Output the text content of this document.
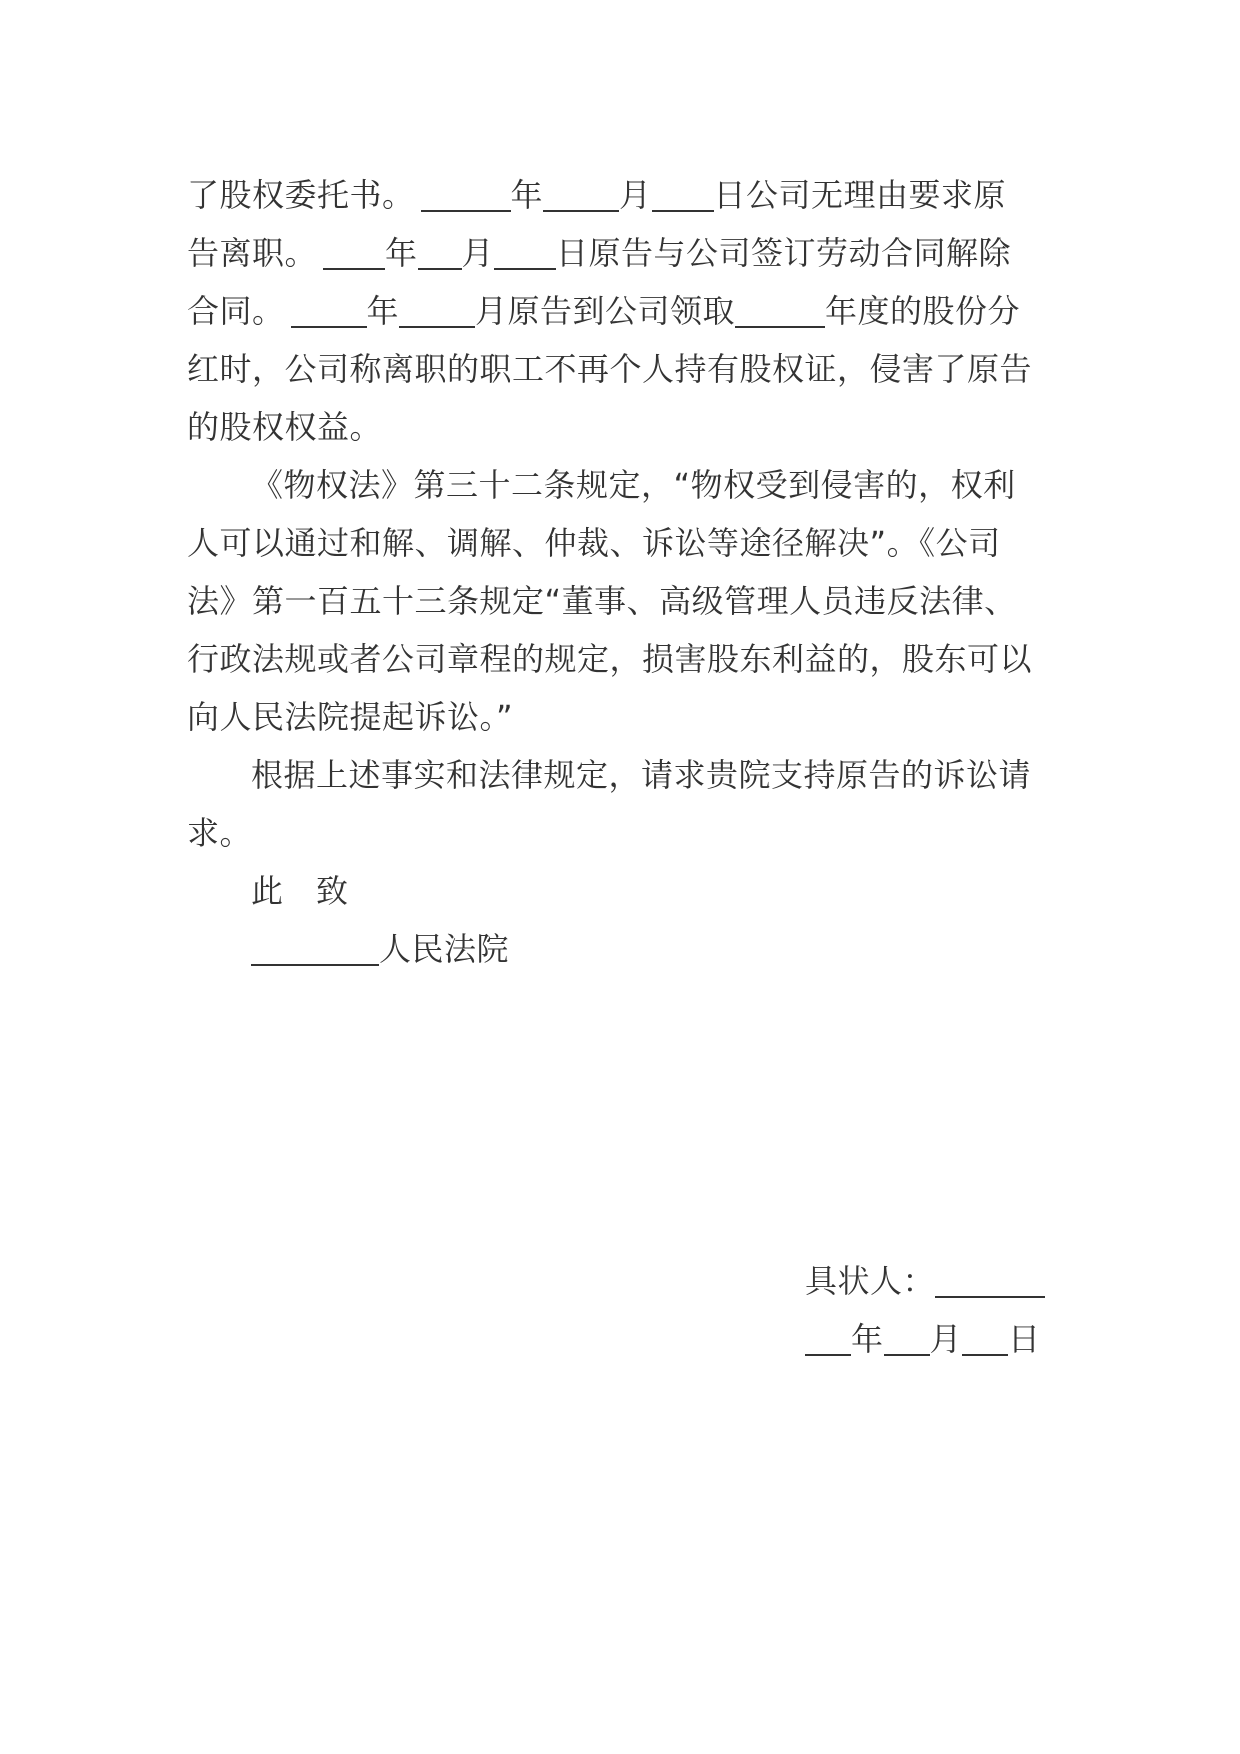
了股权委托书。	年 月 日公司无理由要求原
告离职。 年 月 日原告与公司签订劳动合同解除
合同。	年 月原告到公司领取	年度的股份分
红时，公司称离职的职工不再个人持有股权证，侵害了原告
的股权权益。
《物权法》第三十二条规定，“物权受到侵害的，权利
人可以通过和解、调解、仲裁、诉讼等途径解决”。《公司
法》第一百五十三条规定“董事、高级管理人员违反法律、
行政法规或者公司章程的规定，损害股东利益的，股东可以
向人民法院提起诉讼。”
根据上述事实和法律规定，请求贵院支持原告的诉讼请
求。
此　致
人民法院
具状人：
年 月 日
